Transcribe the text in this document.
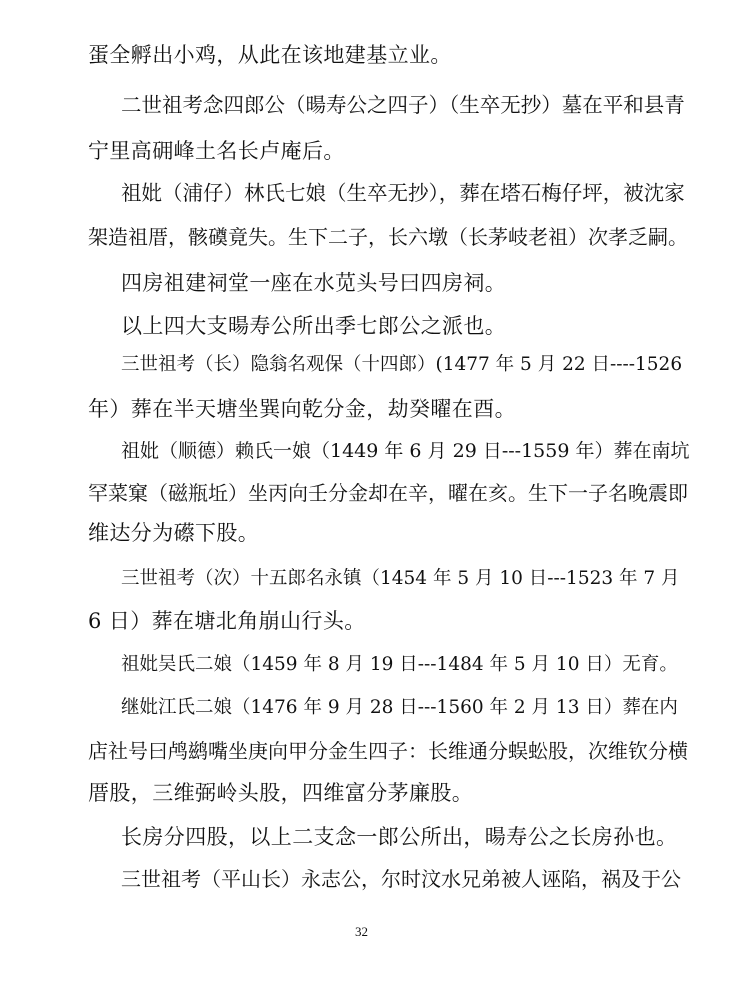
蛋全孵出小鸡，从此在该地建基立业。
二世祖考念四郎公（暘寿公之四子）（生卒无抄）墓在平和县青
宁里高砽峰土名长卢庵后。
祖妣（浦仔）林氏七娘（生卒无抄），葬在塔石梅仔坪，被沈家
架造祖厝，骸磸竟失。生下二子，长六墩（长茅岐老祖）次孝乏嗣。
四房祖建祠堂一座在水苋头号曰四房祠。
以上四大支暘寿公所出季七郎公之派也。
三世祖考（长）隐翁名观保（十四郎）(1477 年 5 月 22 日----1526
年）葬在半天塘坐巽向乾分金，劫癸曜在酉。
祖妣（顺德）赖氏一娘（1449 年 6 月 29 日---1559 年）葬在南坑
罕菜窠（磁瓶坵）坐丙向壬分金却在辛，曜在亥。生下一子名晚震即
维达分为礤下股。
三世祖考（次）十五郎名永镇（1454 年 5 月 10 日---1523 年 7 月
6 日）葬在塘北角崩山行头。
祖妣吴氏二娘（1459 年 8 月 19 日---1484 年 5 月 10 日）无育。
继妣江氏二娘（1476 年 9 月 28 日---1560 年 2 月 13 日）葬在内
店社号曰鸬鹚嘴坐庚向甲分金生四子：长维通分蜈蚣股，次维钦分横
厝股，三维弼岭头股，四维富分茅廉股。
长房分四股，以上二支念一郎公所出，暘寿公之长房孙也。
三世祖考（平山长）永志公，尔时汶水兄弟被人诬陷，祸及于公
32
